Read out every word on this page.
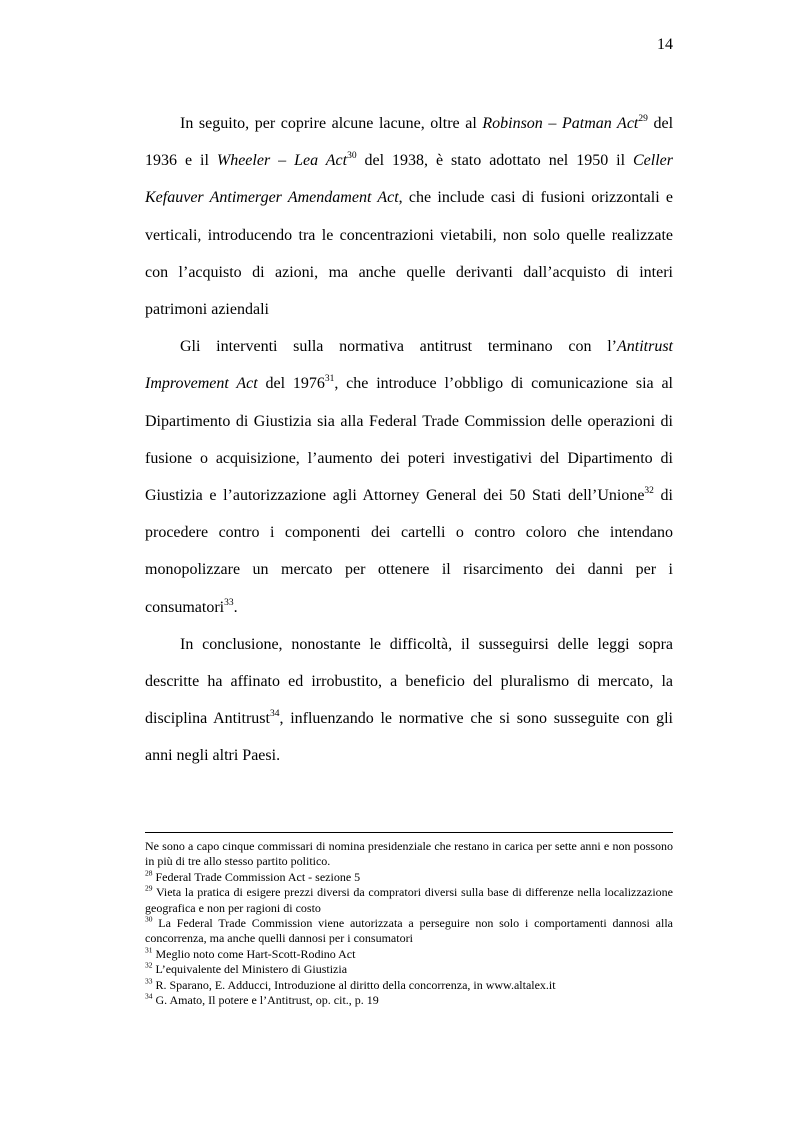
14

In seguito, per coprire alcune lacune, oltre al Robinson – Patman Act$^{29}$ del 1936 e il Wheeler – Lea Act$^{30}$ del 1938, è stato adottato nel 1950 il Celler Kefauver Antimerger Amendament Act, che include casi di fusioni orizzontali e verticali, introducendo tra le concentrazioni vietabili, non solo quelle realizzate con l’acquisto di azioni, ma anche quelle derivanti dall’acquisto di interi patrimoni aziendali

Gli interventi sulla normativa antitrust terminano con l’Antitrust Improvement Act del 1976$^{31}$, che introduce l’obbligo di comunicazione sia al Dipartimento di Giustizia sia alla Federal Trade Commission delle operazioni di fusione o acquisizione, l’aumento dei poteri investigativi del Dipartimento di Giustizia e l’autorizzazione agli Attorney General dei 50 Stati dell’Unione$^{32}$ di procedere contro i componenti dei cartelli o contro coloro che intendano monopolizzare un mercato per ottenere il risarcimento dei danni per i consumatori$^{33}$.

In conclusione, nonostante le difficoltà, il susseguirsi delle leggi sopra descritte ha affinato ed irrobustito, a beneficio del pluralismo di mercato, la disciplina Antitrust$^{34}$, influenzando le normative che si sono susseguite con gli anni negli altri Paesi.

Ne sono a capo cinque commissari di nomina presidenziale che restano in carica per sette anni e non possono in più di tre allo stesso partito politico.

$^{28}$ Federal Trade Commission Act - sezione 5

$^{29}$ Vieta la pratica di esigere prezzi diversi da compratori diversi sulla base di differenze nella localizzazione geografica e non per ragioni di costo

$^{30}$ La Federal Trade Commission viene autorizzata a perseguire non solo i comportamenti dannosi alla concorrenza, ma anche quelli dannosi per i consumatori

$^{31}$ Meglio noto come Hart-Scott-Rodino Act

$^{32}$ L’equivalente del Ministero di Giustizia

$^{33}$ R. Sparano, E. Adducci, Introduzione al diritto della concorrenza, in www.altalex.it

$^{34}$ G. Amato, Il potere e l’Antitrust, op. cit., p. 19
